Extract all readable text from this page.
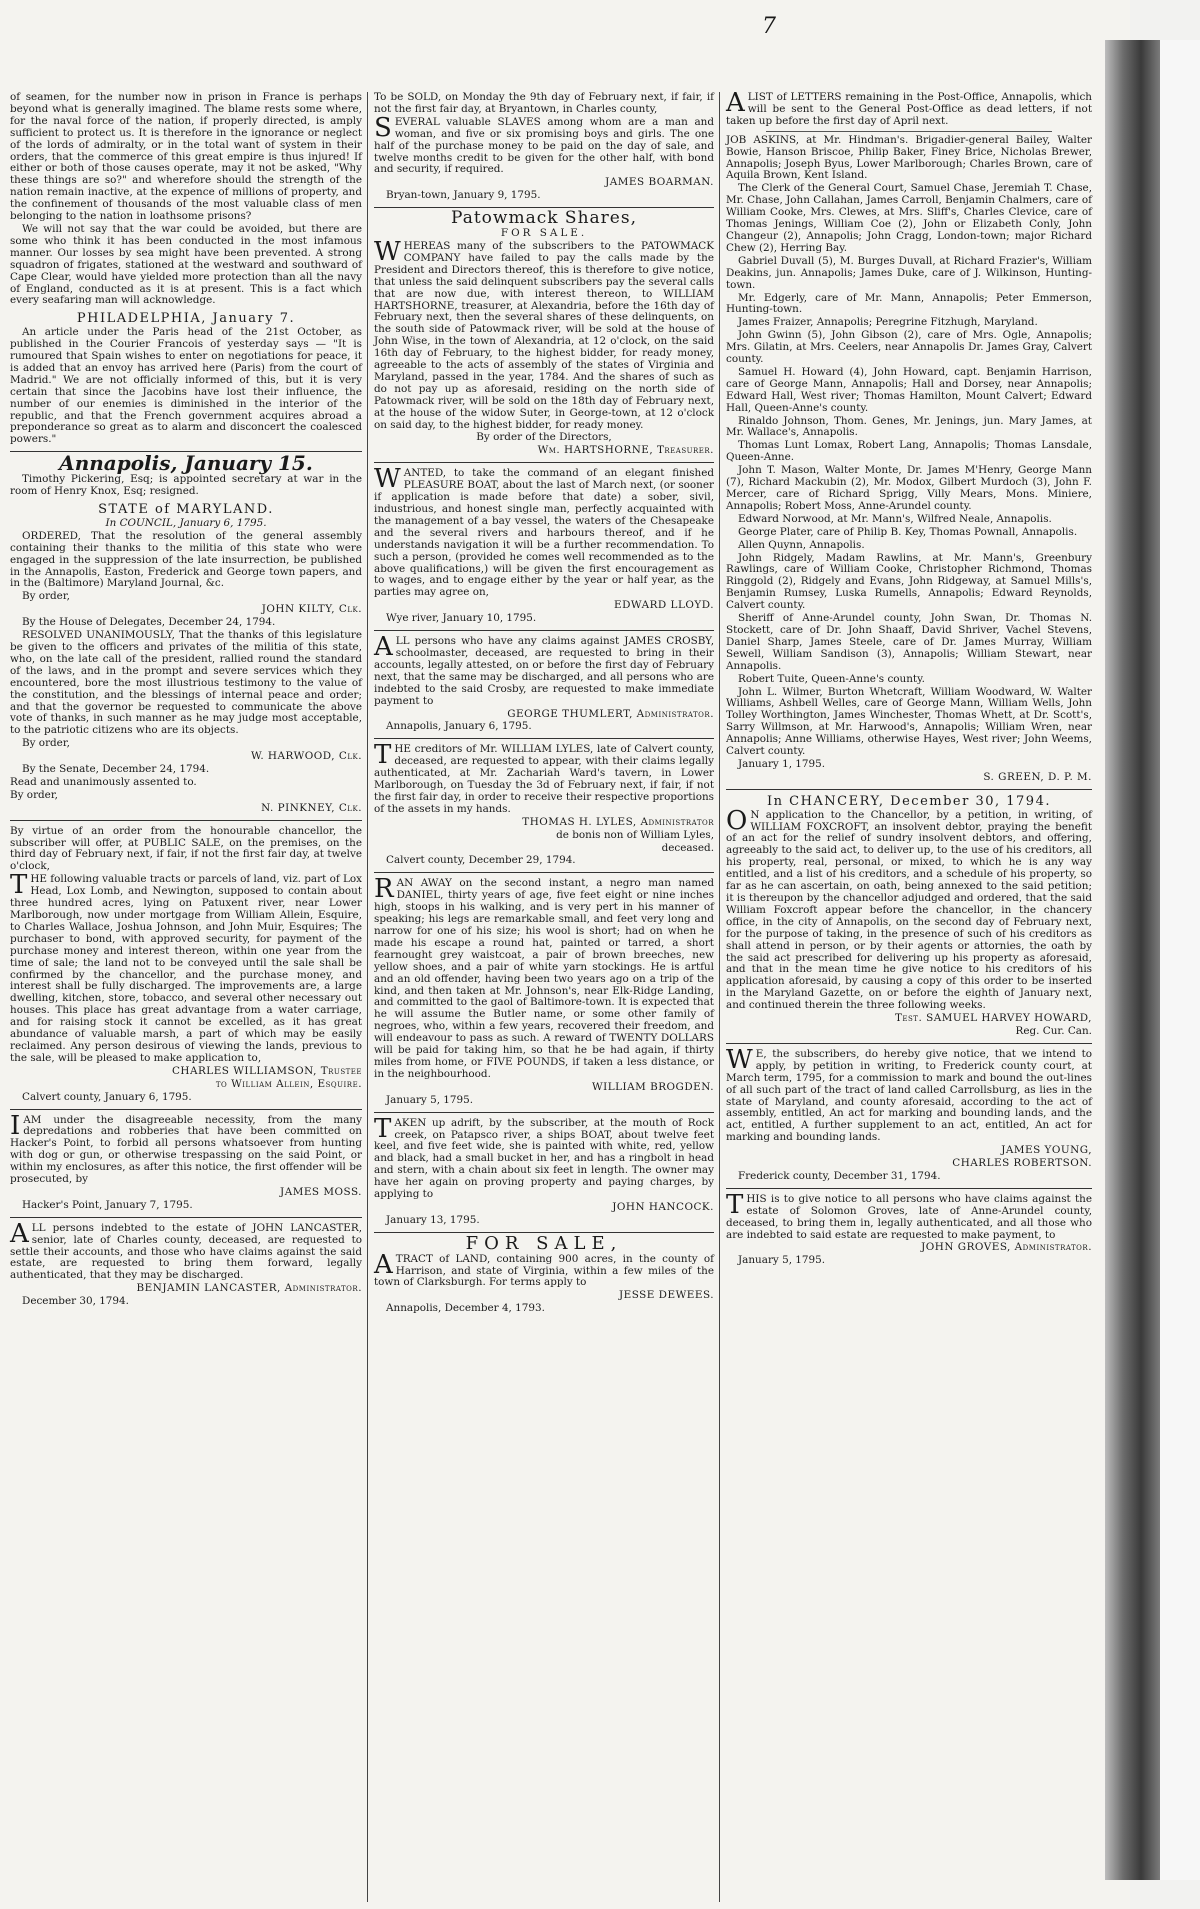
7

of seamen, for the number now in prison in France is perhaps beyond what is generally imagined. The blame rests some where, for the naval force of the nation, if properly directed, is amply sufficient to protect us. It is therefore in the ignorance or neglect of the lords of admiralty, or in the total want of system in their orders, that the commerce of this great empire is thus injured! If either or both of those causes operate, may it not be asked, "Why these things are so?" and wherefore should the strength of the nation remain inactive, at the expence of millions of property, and the confinement of thousands of the most valuable class of men belonging to the nation in loathsome prisons?

We will not say that the war could be avoided, but there are some who think it has been conducted in the most infamous manner. Our losses by sea might have been prevented. A strong squadron of frigates, stationed at the westward and southward of Cape Clear, would have yielded more protection than all the navy of England, conducted as it is at present. This is a fact which every seafaring man will acknowledge.

PHILADELPHIA, January 7.

An article under the Paris head of the 21st October, as published in the Courier Francois of yesterday says — "It is rumoured that Spain wishes to enter on negotiations for peace, it is added that an envoy has arrived here (Paris) from the court of Madrid." We are not officially informed of this, but it is very certain that since the Jacobins have lost their influence, the number of our enemies is diminished in the interior of the republic, and that the French government acquires abroad a preponderance so great as to alarm and disconcert the coalesced powers."

Annapolis, January 15.

Timothy Pickering, Esq; is appointed secretary at war in the room of Henry Knox, Esq; resigned.

STATE of MARYLAND.

In COUNCIL, January 6, 1795.

ORDERED, That the resolution of the general assembly containing their thanks to the militia of this state who were engaged in the suppression of the late insurrection, be published in the Annapolis, Easton, Frederick and George town papers, and in the (Baltimore) Maryland Journal, &c.

By order,

JOHN KILTY, Clk.

By the House of Delegates, December 24, 1794.

RESOLVED UNANIMOUSLY, That the thanks of this legislature be given to the officers and privates of the militia of this state, who, on the late call of the president, rallied round the standard of the laws, and in the prompt and severe services which they encountered, bore the most illustrious testimony to the value of the constitution, and the blessings of internal peace and order; and that the governor be requested to communicate the above vote of thanks, in such manner as he may judge most acceptable, to the patriotic citizens who are its objects.

By order,

W. HARWOOD, Clk.

By the Senate, December 24, 1794.

Read and unanimously assented to.

By order,

N. PINKNEY, Clk.

By virtue of an order from the honourable chancellor, the subscriber will offer, at PUBLIC SALE, on the premises, on the third day of February next, if fair, if not the first fair day, at twelve o'clock,

THE following valuable tracts or parcels of land, viz. part of Lox Head, Lox Lomb, and Newington, supposed to contain about three hundred acres, lying on Patuxent river, near Lower Marlborough, now under mortgage from William Allein, Esquire, to Charles Wallace, Joshua Johnson, and John Muir, Esquires; The purchaser to bond, with approved security, for payment of the purchase money and interest thereon, within one year from the time of sale; the land not to be conveyed until the sale shall be confirmed by the chancellor, and the purchase money, and interest shall be fully discharged. The improvements are, a large dwelling, kitchen, store, tobacco, and several other necessary out houses. This place has great advantage from a water carriage, and for raising stock it cannot be excelled, as it has great abundance of valuable marsh, a part of which may be easily reclaimed. Any person desirous of viewing the lands, previous to the sale, will be pleased to make application to,

CHARLES WILLIAMSON, Trustee

to William Allein, Esquire.

Calvert county, January 6, 1795.

IAM under the disagreeable necessity, from the many depredations and robberies that have been committed on Hacker's Point, to forbid all persons whatsoever from hunting with dog or gun, or otherwise trespassing on the said Point, or within my enclosures, as after this notice, the first offender will be prosecuted, by

JAMES MOSS.

Hacker's Point, January 7, 1795.

ALL persons indebted to the estate of JOHN LANCASTER, senior, late of Charles county, deceased, are requested to settle their accounts, and those who have claims against the said estate, are requested to bring them forward, legally authenticated, that they may be discharged.

BENJAMIN LANCASTER, Administrator.

December 30, 1794.

To be SOLD, on Monday the 9th day of February next, if fair, if not the first fair day, at Bryantown, in Charles county,

SEVERAL valuable SLAVES among whom are a man and woman, and five or six promising boys and girls. The one half of the purchase money to be paid on the day of sale, and twelve months credit to be given for the other half, with bond and security, if required.

JAMES BOARMAN.

Bryan-town, January 9, 1795.

Patowmack Shares,

FOR SALE.

WHEREAS many of the subscribers to the PATOWMACK COMPANY have failed to pay the calls made by the President and Directors thereof, this is therefore to give notice, that unless the said delinquent subscribers pay the several calls that are now due, with interest thereon, to WILLIAM HARTSHORNE, treasurer, at Alexandria, before the 16th day of February next, then the several shares of these delinquents, on the south side of Patowmack river, will be sold at the house of John Wise, in the town of Alexandria, at 12 o'clock, on the said 16th day of February, to the highest bidder, for ready money, agreeable to the acts of assembly of the states of Virginia and Maryland, passed in the year, 1784. And the shares of such as do not pay up as aforesaid, residing on the north side of Patowmack river, will be sold on the 18th day of February next, at the house of the widow Suter, in George-town, at 12 o'clock on said day, to the highest bidder, for ready money.

By order of the Directors,

Wm. HARTSHORNE, Treasurer.

WANTED, to take the command of an elegant finished PLEASURE BOAT, about the last of March next, (or sooner if application is made before that date) a sober, sivil, industrious, and honest single man, perfectly acquainted with the management of a bay vessel, the waters of the Chesapeake and the several rivers and harbours thereof, and if he understands navigation it will be a further recommendation. To such a person, (provided he comes well recommended as to the above qualifications,) will be given the first encouragement as to wages, and to engage either by the year or half year, as the parties may agree on,

EDWARD LLOYD.

Wye river, January 10, 1795.

ALL persons who have any claims against JAMES CROSBY, schoolmaster, deceased, are requested to bring in their accounts, legally attested, on or before the first day of February next, that the same may be discharged, and all persons who are indebted to the said Crosby, are requested to make immediate payment to

GEORGE THUMLERT, Administrator.

Annapolis, January 6, 1795.

THE creditors of Mr. WILLIAM LYLES, late of Calvert county, deceased, are requested to appear, with their claims legally authenticated, at Mr. Zachariah Ward's tavern, in Lower Marlborough, on Tuesday the 3d of February next, if fair, if not the first fair day, in order to receive their respective proportions of the assets in my hands.

THOMAS H. LYLES, Administrator

de bonis non of William Lyles,

deceased.

Calvert county, December 29, 1794.

RAN AWAY on the second instant, a negro man named DANIEL, thirty years of age, five feet eight or nine inches high, stoops in his walking, and is very pert in his manner of speaking; his legs are remarkable small, and feet very long and narrow for one of his size; his wool is short; had on when he made his escape a round hat, painted or tarred, a short fearnought grey waistcoat, a pair of brown breeches, new yellow shoes, and a pair of white yarn stockings. He is artful and an old offender, having been two years ago on a trip of the kind, and then taken at Mr. Johnson's, near Elk-Ridge Landing, and committed to the gaol of Baltimore-town. It is expected that he will assume the Butler name, or some other family of negroes, who, within a few years, recovered their freedom, and will endeavour to pass as such. A reward of TWENTY DOLLARS will be paid for taking him, so that he be had again, if thirty miles from home, or FIVE POUNDS, if taken a less distance, or in the neighbourhood.

WILLIAM BROGDEN.

January 5, 1795.

TAKEN up adrift, by the subscriber, at the mouth of Rock creek, on Patapsco river, a ships BOAT, about twelve feet keel, and five feet wide, she is painted with white, red, yellow and black, had a small bucket in her, and has a ringbolt in head and stern, with a chain about six feet in length. The owner may have her again on proving property and paying charges, by applying to

JOHN HANCOCK.

January 13, 1795.

FOR SALE,

ATRACT of LAND, containing 900 acres, in the county of Harrison, and state of Virginia, within a few miles of the town of Clarksburgh. For terms apply to

JESSE DEWEES.

Annapolis, December 4, 1793.

ALIST of LETTERS remaining in the Post-Office, Annapolis, which will be sent to the General Post-Office as dead letters, if not taken up before the first day of April next.

JOB ASKINS, at Mr. Hindman's. Brigadier-general Bailey, Walter Bowie, Hanson Briscoe, Philip Baker, Finey Brice, Nicholas Brewer, Annapolis; Joseph Byus, Lower Marlborough; Charles Brown, care of Aquila Brown, Kent Island.

The Clerk of the General Court, Samuel Chase, Jeremiah T. Chase, Mr. Chase, John Callahan, James Carroll, Benjamin Chalmers, care of William Cooke, Mrs. Clewes, at Mrs. Sliff's, Charles Clevice, care of Thomas Jenings, William Coe (2), John or Elizabeth Conly, John Changeur (2), Annapolis; John Cragg, London-town; major Richard Chew (2), Herring Bay.

Gabriel Duvall (5), M. Burges Duvall, at Richard Frazier's, William Deakins, jun. Annapolis; James Duke, care of J. Wilkinson, Hunting-town.

Mr. Edgerly, care of Mr. Mann, Annapolis; Peter Emmerson, Hunting-town.

James Fraizer, Annapolis; Peregrine Fitzhugh, Maryland.

John Gwinn (5), John Gibson (2), care of Mrs. Ogle, Annapolis; Mrs. Gilatin, at Mrs. Ceelers, near Annapolis Dr. James Gray, Calvert county.

Samuel H. Howard (4), John Howard, capt. Benjamin Harrison, care of George Mann, Annapolis; Hall and Dorsey, near Annapolis; Edward Hall, West river; Thomas Hamilton, Mount Calvert; Edward Hall, Queen-Anne's county.

Rinaldo Johnson, Thom. Genes, Mr. Jenings, jun. Mary James, at Mr. Wallace's, Annapolis.

Thomas Lunt Lomax, Robert Lang, Annapolis; Thomas Lansdale, Queen-Anne.

John T. Mason, Walter Monte, Dr. James M'Henry, George Mann (7), Richard Mackubin (2), Mr. Modox, Gilbert Murdoch (3), John F. Mercer, care of Richard Sprigg, Villy Mears, Mons. Miniere, Annapolis; Robert Moss, Anne-Arundel county.

Edward Norwood, at Mr. Mann's, Wilfred Neale, Annapolis.

George Plater, care of Philip B. Key, Thomas Pownall, Annapolis.

Allen Quynn, Annapolis.

John Ridgely, Madam Rawlins, at Mr. Mann's, Greenbury Rawlings, care of William Cooke, Christopher Richmond, Thomas Ringgold (2), Ridgely and Evans, John Ridgeway, at Samuel Mills's, Benjamin Rumsey, Luska Rumells, Annapolis; Edward Reynolds, Calvert county.

Sheriff of Anne-Arundel county, John Swan, Dr. Thomas N. Stockett, care of Dr. John Shaaff, David Shriver, Vachel Stevens, Daniel Sharp, James Steele, care of Dr. James Murray, William Sewell, William Sandison (3), Annapolis; William Stewart, near Annapolis.

Robert Tuite, Queen-Anne's county.

John L. Wilmer, Burton Whetcraft, William Woodward, W. Walter Williams, Ashbell Welles, care of George Mann, William Wells, John Tolley Worthington, James Winchester, Thomas Whett, at Dr. Scott's, Sarry Willmson, at Mr. Harwood's, Annapolis; William Wren, near Annapolis; Anne Williams, otherwise Hayes, West river; John Weems, Calvert county.

January 1, 1795.

S. GREEN, D. P. M.

In CHANCERY, December 30, 1794.

ON application to the Chancellor, by a petition, in writing, of WILLIAM FOXCROFT, an insolvent debtor, praying the benefit of an act for the relief of sundry insolvent debtors, and offering, agreeably to the said act, to deliver up, to the use of his creditors, all his property, real, personal, or mixed, to which he is any way entitled, and a list of his creditors, and a schedule of his property, so far as he can ascertain, on oath, being annexed to the said petition; it is thereupon by the chancellor adjudged and ordered, that the said William Foxcroft appear before the chancellor, in the chancery office, in the city of Annapolis, on the second day of February next, for the purpose of taking, in the presence of such of his creditors as shall attend in person, or by their agents or attornies, the oath by the said act prescribed for delivering up his property as aforesaid, and that in the mean time he give notice to his creditors of his application aforesaid, by causing a copy of this order to be inserted in the Maryland Gazette, on or before the eighth of January next, and continued therein the three following weeks.

Test. SAMUEL HARVEY HOWARD,

Reg. Cur. Can.

WE, the subscribers, do hereby give notice, that we intend to apply, by petition in writing, to Frederick county court, at March term, 1795, for a commission to mark and bound the out-lines of all such part of the tract of land called Carrollsburg, as lies in the state of Maryland, and county aforesaid, according to the act of assembly, entitled, An act for marking and bounding lands, and the act, entitled, A further supplement to an act, entitled, An act for marking and bounding lands.

JAMES YOUNG,

CHARLES ROBERTSON.

Frederick county, December 31, 1794.

THIS is to give notice to all persons who have claims against the estate of Solomon Groves, late of Anne-Arundel county, deceased, to bring them in, legally authenticated, and all those who are indebted to said estate are requested to make payment, to

JOHN GROVES, Administrator.

January 5, 1795.
